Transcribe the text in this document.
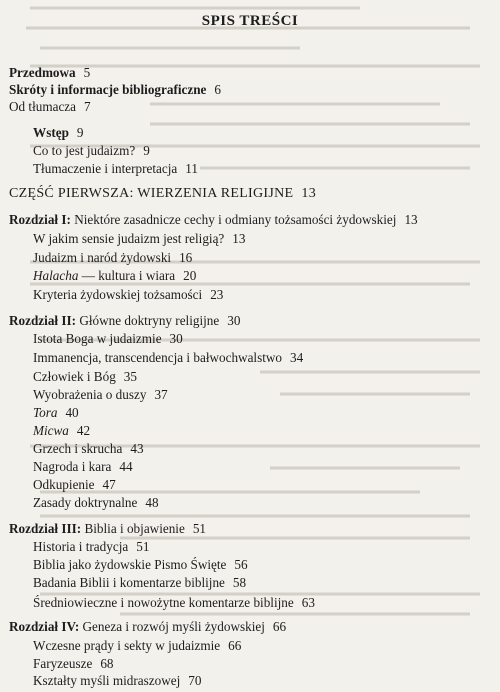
SPIS TREŚCI
Przedmowa 5
Skróty i informacje bibliograficzne 6
Od tłumacza 7
Wstęp 9
Co to jest judaizm? 9
Tłumaczenie i interpretacja 11
CZĘŚĆ PIERWSZA: WIERZENIA RELIGIJNE 13
Rozdział I: Niektóre zasadnicze cechy i odmiany tożsamości żydowskiej 13
W jakim sensie judaizm jest religią? 13
Judaizm i naród żydowski 16
Halacha — kultura i wiara 20
Kryteria żydowskiej tożsamości 23
Rozdział II: Główne doktryny religijne 30
Istota Boga w judaizmie 30
Immanencja, transcendencja i bałwochwalstwo 34
Człowiek i Bóg 35
Wyobrażenia o duszy 37
Tora 40
Micwa 42
Grzech i skrucha 43
Nagroda i kara 44
Odkupienie 47
Zasady doktrynalne 48
Rozdział III: Biblia i objawienie 51
Historia i tradycja 51
Biblia jako żydowskie Pismo Święte 56
Badania Biblii i komentarze biblijne 58
Średniowieczne i nowożytne komentarze biblijne 63
Rozdział IV: Geneza i rozwój myśli żydowskiej 66
Wczesne prądy i sekty w judaizmie 66
Faryzeusze 68
Kształty myśli midraszowej 70
